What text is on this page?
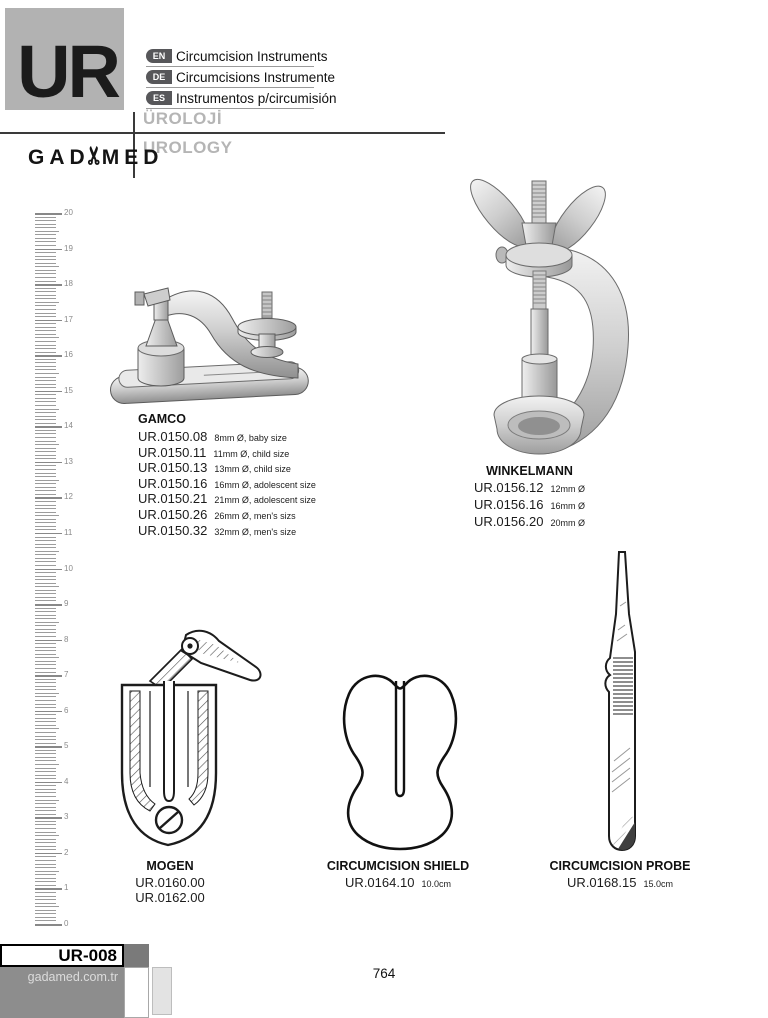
UR	EN Circumcision Instruments
DE Circumcisions Instrumente
ES Instrumentos p/circumisión
ÜROLOJİ
UROLOGY
GAD
✂
MED
20
19
18
17
16
15
14
13
12
11
10
9
8
7
6
5
4
3
2
1
0
GAMCO
UR.0150.08 8mm Ø, baby size
UR.0150.11 11mm Ø, child size
UR.0150.13 13mm Ø, child size
UR.0150.16 16mm Ø, adolescent size
UR.0150.21 21mm Ø, adolescent size
UR.0150.26 26mm Ø, men's sizs
UR.0150.32 32mm Ø, men's size
WINKELMANN
UR.0156.12 12mm Ø
UR.0156.16 16mm Ø
UR.0156.20 20mm Ø
MOGEN
UR.0160.00
UR.0162.00
CIRCUMCISION SHIELD
UR.0164.10 10.0cm
CIRCUMCISION PROBE
UR.0168.15 15.0cm
UR-008
gadamed.com.tr	764
